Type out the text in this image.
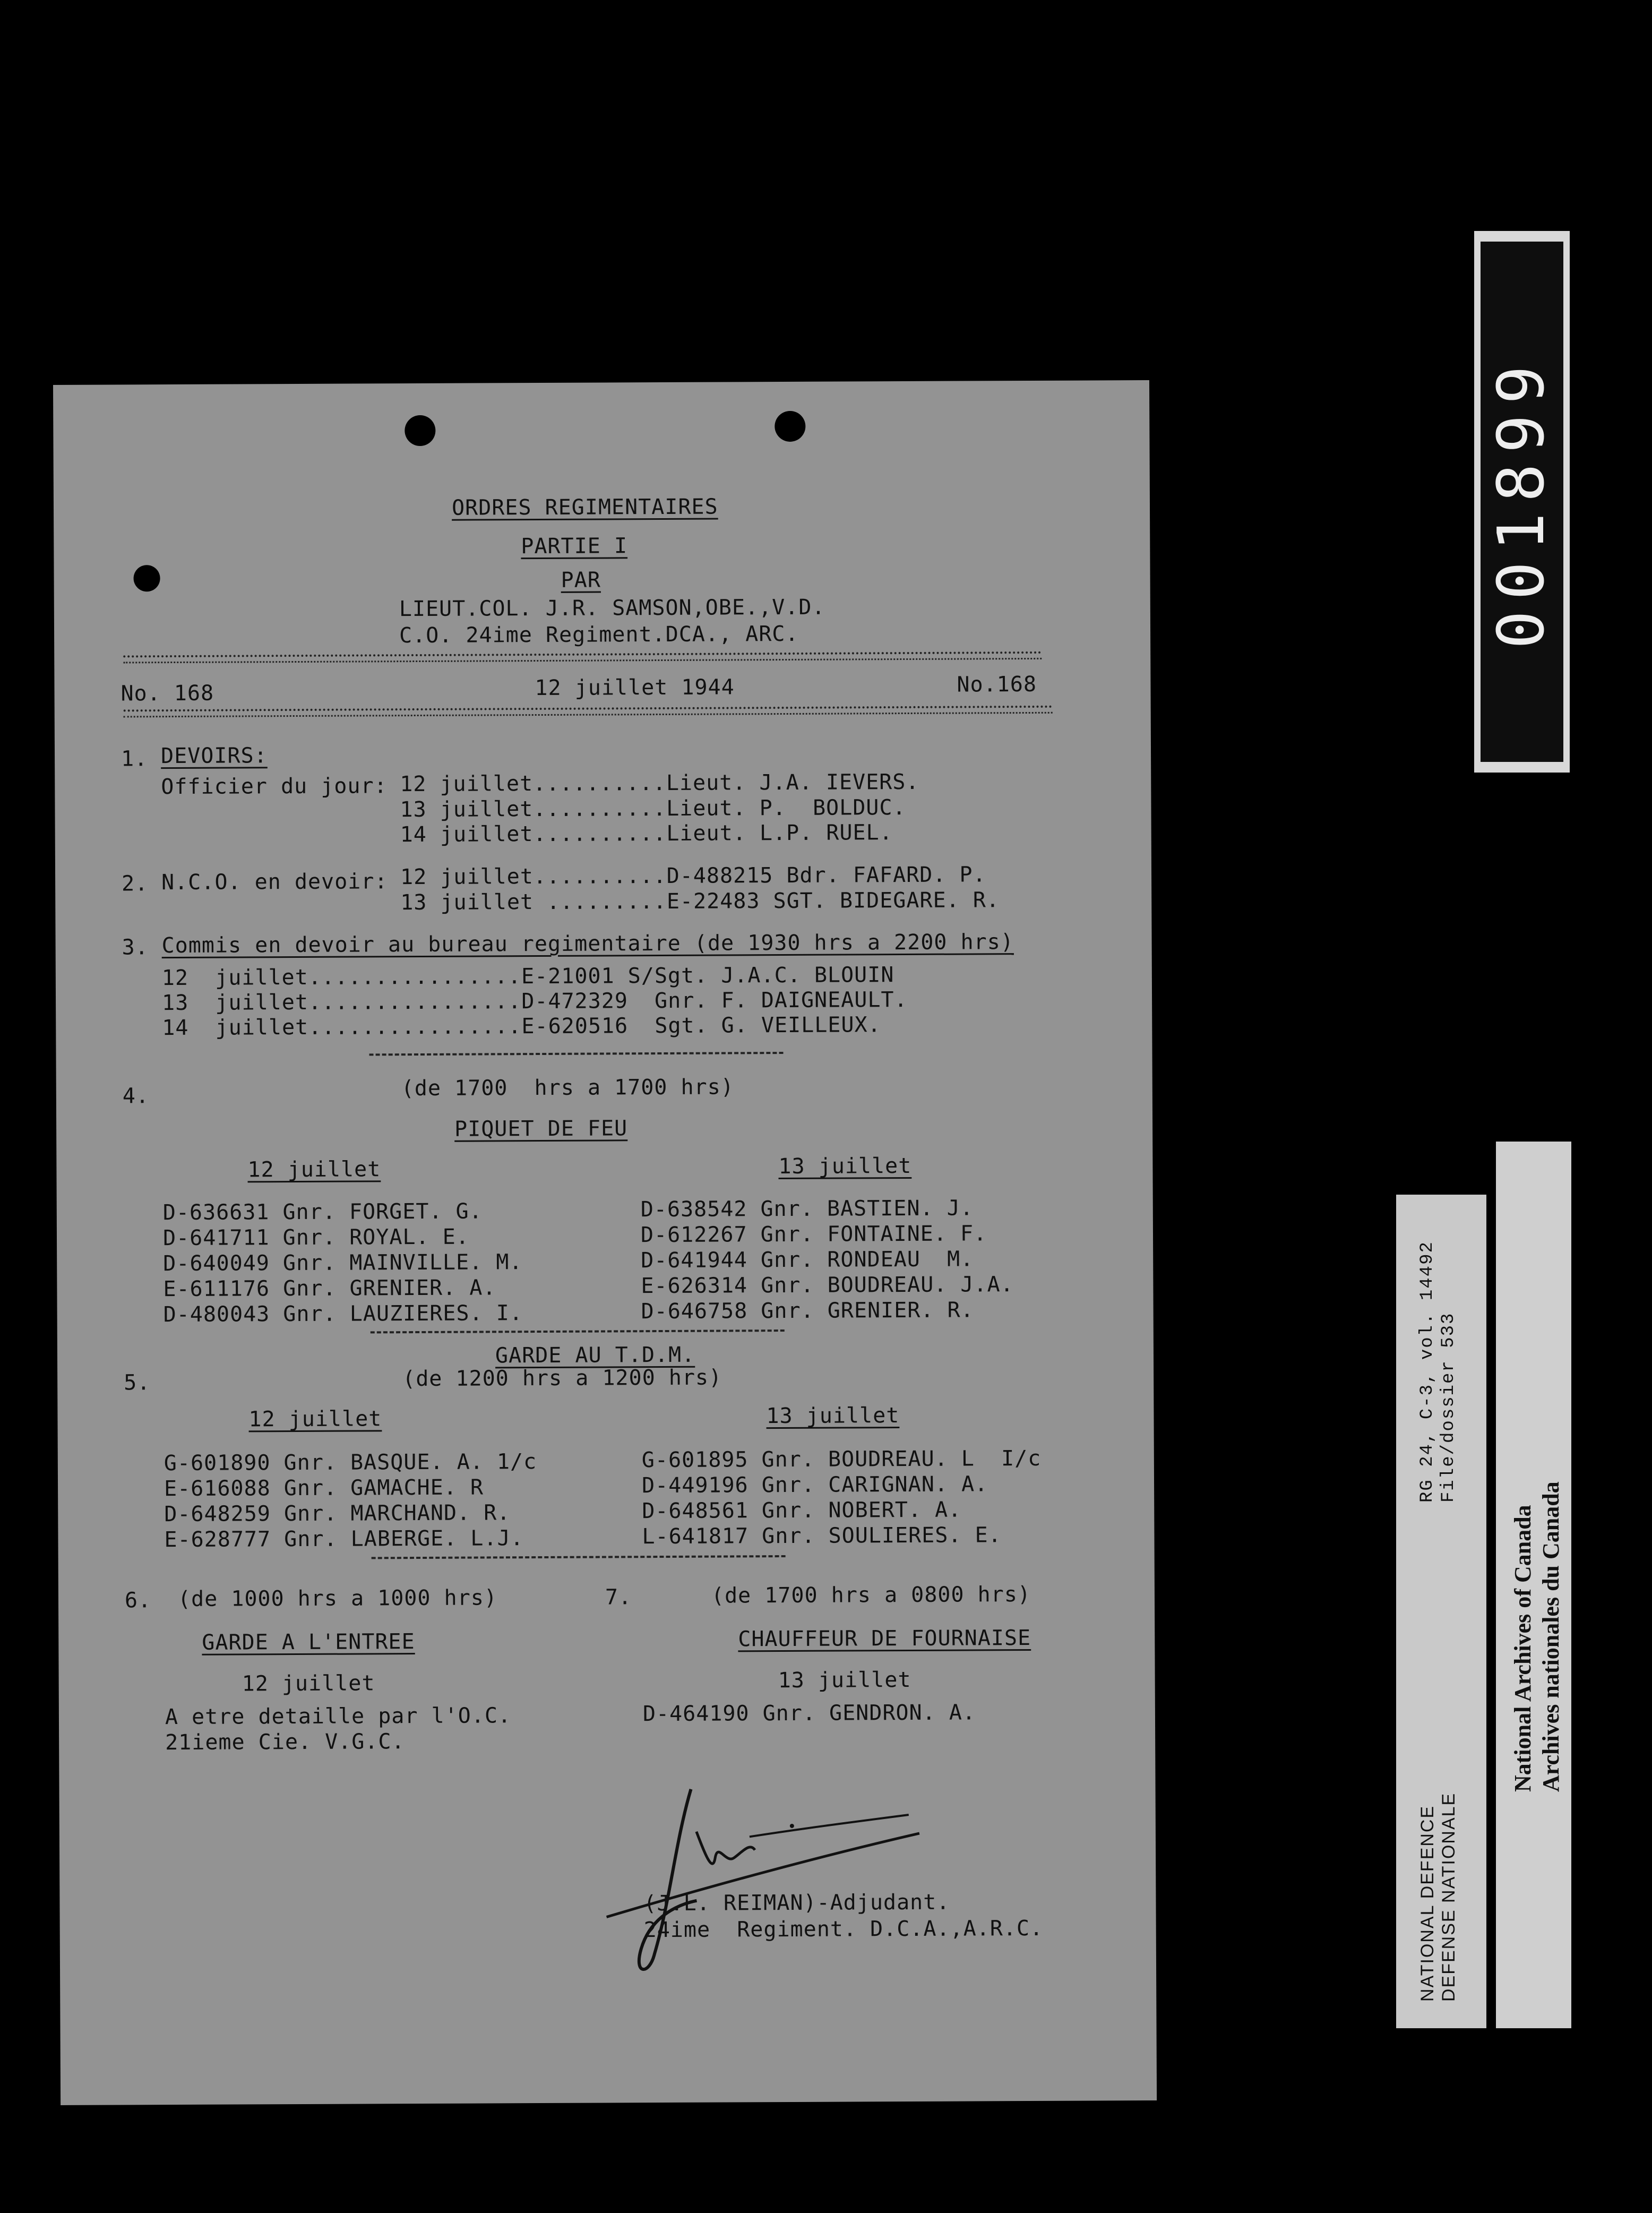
ORDRES REGIMENTAIRES
PARTIE I
PAR
LIEUT.COL. J.R. SAMSON,OBE.,V.D.
C.O. 24ime Regiment.DCA., ARC.
No. 168	12 juillet 1944	No.168
1. DEVOIRS:
Officier du jour: 12 juillet..........Lieut. J.A. IEVERS.
13 juillet..........Lieut. P.  BOLDUC.
14 juillet..........Lieut. L.P. RUEL.
2. N.C.O. en devoir: 12 juillet..........D-488215 Bdr. FAFARD. P.
13 juillet .........E-22483 SGT. BIDEGARE. R.
3. Commis en devoir au bureau regimentaire (de 1930 hrs a 2200 hrs)
12  juillet................E-21001 S/Sgt. J.A.C. BLOUIN
13  juillet................D-472329  Gnr. F. DAIGNEAULT.
14  juillet................E-620516  Sgt. G. VEILLEUX.
4.	(de 1700  hrs a 1700 hrs)
PIQUET DE FEU
12 juillet	13 juillet
D-636631 Gnr. FORGET. G.
D-641711 Gnr. ROYAL. E.
D-640049 Gnr. MAINVILLE. M.
E-611176 Gnr. GRENIER. A.
D-480043 Gnr. LAUZIERES. I.
D-638542 Gnr. BASTIEN. J.
D-612267 Gnr. FONTAINE. F.
D-641944 Gnr. RONDEAU  M.
E-626314 Gnr. BOUDREAU. J.A.
D-646758 Gnr. GRENIER. R.
GARDE AU T.D.M.
5.	(de 1200 hrs a 1200 hrs)
12 juillet	13 juillet
G-601890 Gnr. BASQUE. A. 1/c
E-616088 Gnr. GAMACHE. R
D-648259 Gnr. MARCHAND. R.
E-628777 Gnr. LABERGE. L.J.
G-601895 Gnr. BOUDREAU. L  I/c
D-449196 Gnr. CARIGNAN. A.
D-648561 Gnr. NOBERT. A.
L-641817 Gnr. SOULIERES. E.
6. (de 1000 hrs a 1000 hrs)
GARDE A L'ENTREE
12 juillet
A etre detaille par l'O.C.
21ieme Cie. V.G.C.
7.	(de 1700 hrs a 0800 hrs)
CHAUFFEUR DE FOURNAISE
13 juillet
D-464190 Gnr. GENDRON. A.
(J.L. REIMAN)-Adjudant.
24ime  Regiment. D.C.A.,A.R.C.
001899
RG 24, C-3, vol. 14492 File/dossier 533
NATIONAL DEFENCE DEFENSE NATIONALE
National Archives of Canada Archives nationales du Canada
